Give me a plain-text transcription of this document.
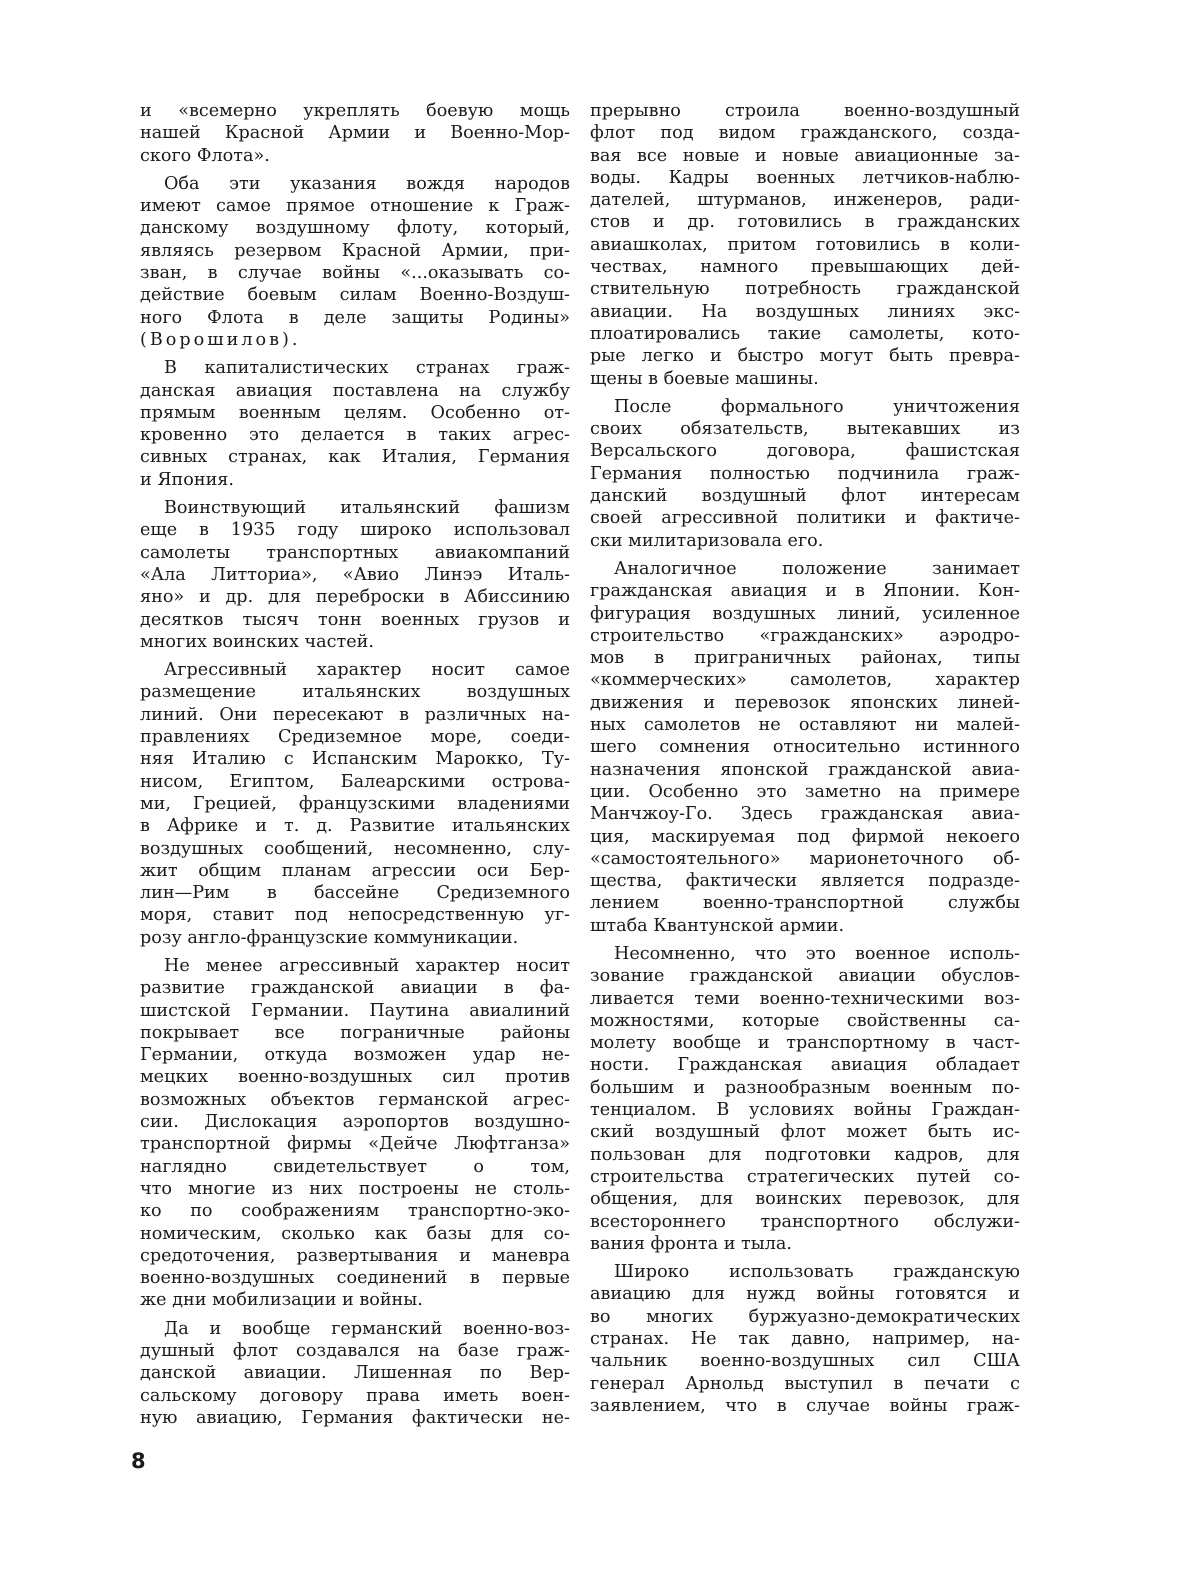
и «всемерно укреплять боевую мощь
нашей Красной Армии и Военно-Мор-
ского Флота».
Оба эти указания вождя народов
имеют самое прямое отношение к Граж-
данскому воздушному флоту, который,
являясь резервом Красной Армии, при-
зван, в случае войны «...оказывать со-
действие боевым силам Военно-Воздуш-
ного Флота в деле защиты Родины»
(Ворошилов).
В капиталистических странах граж-
данская авиация поставлена на службу
прямым военным целям. Особенно от-
кровенно это делается в таких агрес-
сивных странах, как Италия, Германия
и Япония.
Воинствующий итальянский фашизм
еще в 1935 году широко использовал
самолеты транспортных авиакомпаний
«Ала Литториа», «Авио Линээ Италь-
яно» и др. для переброски в Абиссинию
десятков тысяч тонн военных грузов и
многих воинских частей.
Агрессивный характер носит самое
размещение итальянских воздушных
линий. Они пересекают в различных на-
правлениях Средиземное море, соеди-
няя Италию с Испанским Марокко, Ту-
нисом, Египтом, Балеарскими острова-
ми, Грецией, французскими владениями
в Африке и т. д. Развитие итальянских
воздушных сообщений, несомненно, слу-
жит общим планам агрессии оси Бер-
лин—Рим в бассейне Средиземного
моря, ставит под непосредственную уг-
розу англо-французские коммуникации.
Не менее агрессивный характер носит
развитие гражданской авиации в фа-
шистской Германии. Паутина авиалиний
покрывает все пограничные районы
Германии, откуда возможен удар не-
мецких военно-воздушных сил против
возможных объектов германской агрес-
сии. Дислокация аэропортов воздушно-
транспортной фирмы «Дейче Люфтганза»
наглядно свидетельствует о том,
что многие из них построены не столь-
ко по соображениям транспортно-эко-
номическим, сколько как базы для со-
средоточения, развертывания и маневра
военно-воздушных соединений в первые
же дни мобилизации и войны.
Да и вообще германский военно-воз-
душный флот создавался на базе граж-
данской авиации. Лишенная по Вер-
сальскому договору права иметь воен-
ную авиацию, Германия фактически не-
прерывно строила военно-воздушный
флот под видом гражданского, созда-
вая все новые и новые авиационные за-
воды. Кадры военных летчиков-наблю-
дателей, штурманов, инженеров, ради-
стов и др. готовились в гражданских
авиашколах, притом готовились в коли-
чествах, намного превышающих дей-
ствительную потребность гражданской
авиации. На воздушных линиях экс-
плоатировались такие самолеты, кото-
рые легко и быстро могут быть превра-
щены в боевые машины.
После формального уничтожения
своих обязательств, вытекавших из
Версальского договора, фашистская
Германия полностью подчинила граж-
данский воздушный флот интересам
своей агрессивной политики и фактиче-
ски милитаризовала его.
Аналогичное положение занимает
гражданская авиация и в Японии. Кон-
фигурация воздушных линий, усиленное
строительство «гражданских» аэродро-
мов в приграничных районах, типы
«коммерческих» самолетов, характер
движения и перевозок японских линей-
ных самолетов не оставляют ни малей-
шего сомнения относительно истинного
назначения японской гражданской авиа-
ции. Особенно это заметно на примере
Манчжоу-Го. Здесь гражданская авиа-
ция, маскируемая под фирмой некоего
«самостоятельного» марионеточного об-
щества, фактически является подразде-
лением военно-транспортной службы
штаба Квантунской армии.
Несомненно, что это военное исполь-
зование гражданской авиации обуслов-
ливается теми военно-техническими воз-
можностями, которые свойственны са-
молету вообще и транспортному в част-
ности. Гражданская авиация обладает
большим и разнообразным военным по-
тенциалом. В условиях войны Граждан-
ский воздушный флот может быть ис-
пользован для подготовки кадров, для
строительства стратегических путей со-
общения, для воинских перевозок, для
всестороннего транспортного обслужи-
вания фронта и тыла.
Широко использовать гражданскую
авиацию для нужд войны готовятся и
во многих буржуазно-демократических
странах. Не так давно, например, на-
чальник военно-воздушных сил США
генерал Арнольд выступил в печати с
заявлением, что в случае войны граж-
8
